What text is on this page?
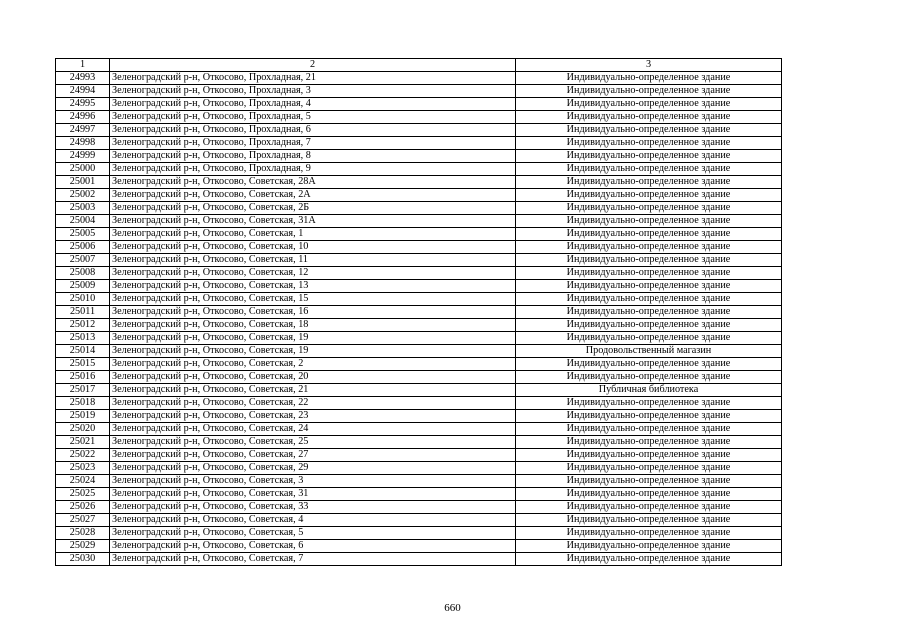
1	2	3
24993	Зеленоградский р-н, Откосово, Прохладная, 21	Индивидуально-определенное здание
24994	Зеленоградский р-н, Откосово, Прохладная, 3	Индивидуально-определенное здание
24995	Зеленоградский р-н, Откосово, Прохладная, 4	Индивидуально-определенное здание
24996	Зеленоградский р-н, Откосово, Прохладная, 5	Индивидуально-определенное здание
24997	Зеленоградский р-н, Откосово, Прохладная, 6	Индивидуально-определенное здание
24998	Зеленоградский р-н, Откосово, Прохладная, 7	Индивидуально-определенное здание
24999	Зеленоградский р-н, Откосово, Прохладная, 8	Индивидуально-определенное здание
25000	Зеленоградский р-н, Откосово, Прохладная, 9	Индивидуально-определенное здание
25001	Зеленоградский р-н, Откосово, Советская, 28А	Индивидуально-определенное здание
25002	Зеленоградский р-н, Откосово, Советская, 2А	Индивидуально-определенное здание
25003	Зеленоградский р-н, Откосово, Советская, 2Б	Индивидуально-определенное здание
25004	Зеленоградский р-н, Откосово, Советская, 31А	Индивидуально-определенное здание
25005	Зеленоградский р-н, Откосово, Советская, 1	Индивидуально-определенное здание
25006	Зеленоградский р-н, Откосово, Советская, 10	Индивидуально-определенное здание
25007	Зеленоградский р-н, Откосово, Советская, 11	Индивидуально-определенное здание
25008	Зеленоградский р-н, Откосово, Советская, 12	Индивидуально-определенное здание
25009	Зеленоградский р-н, Откосово, Советская, 13	Индивидуально-определенное здание
25010	Зеленоградский р-н, Откосово, Советская, 15	Индивидуально-определенное здание
25011	Зеленоградский р-н, Откосово, Советская, 16	Индивидуально-определенное здание
25012	Зеленоградский р-н, Откосово, Советская, 18	Индивидуально-определенное здание
25013	Зеленоградский р-н, Откосово, Советская, 19	Индивидуально-определенное здание
25014	Зеленоградский р-н, Откосово, Советская, 19	Продовольственный магазин
25015	Зеленоградский р-н, Откосово, Советская, 2	Индивидуально-определенное здание
25016	Зеленоградский р-н, Откосово, Советская, 20	Индивидуально-определенное здание
25017	Зеленоградский р-н, Откосово, Советская, 21	Публичная библиотека
25018	Зеленоградский р-н, Откосово, Советская, 22	Индивидуально-определенное здание
25019	Зеленоградский р-н, Откосово, Советская, 23	Индивидуально-определенное здание
25020	Зеленоградский р-н, Откосово, Советская, 24	Индивидуально-определенное здание
25021	Зеленоградский р-н, Откосово, Советская, 25	Индивидуально-определенное здание
25022	Зеленоградский р-н, Откосово, Советская, 27	Индивидуально-определенное здание
25023	Зеленоградский р-н, Откосово, Советская, 29	Индивидуально-определенное здание
25024	Зеленоградский р-н, Откосово, Советская, 3	Индивидуально-определенное здание
25025	Зеленоградский р-н, Откосово, Советская, 31	Индивидуально-определенное здание
25026	Зеленоградский р-н, Откосово, Советская, 33	Индивидуально-определенное здание
25027	Зеленоградский р-н, Откосово, Советская, 4	Индивидуально-определенное здание
25028	Зеленоградский р-н, Откосово, Советская, 5	Индивидуально-определенное здание
25029	Зеленоградский р-н, Откосово, Советская, 6	Индивидуально-определенное здание
25030	Зеленоградский р-н, Откосово, Советская, 7	Индивидуально-определенное здание
660
